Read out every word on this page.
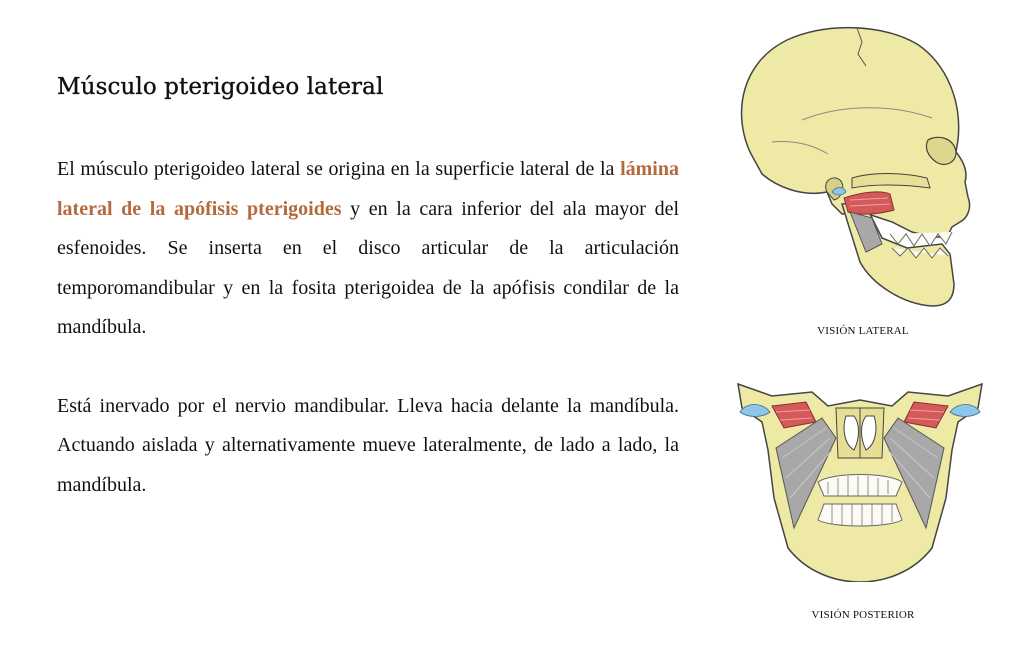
Músculo pterigoideo lateral

El músculo pterigoideo lateral se origina en la superficie lateral de la lámina lateral de la apófisis pterigoides y en la cara inferior del ala mayor del esfenoides. Se inserta en el disco articular de la articulación temporomandibular y en la fosita pterigoidea de la apófisis condilar de la mandíbula.

Está inervado por el nervio mandibular. Lleva hacia delante la mandíbula. Actuando aislada y alternativamente mueve lateralmente, de lado a lado, la mandíbula.

VISIÓN LATERAL
VISIÓN POSTERIOR
